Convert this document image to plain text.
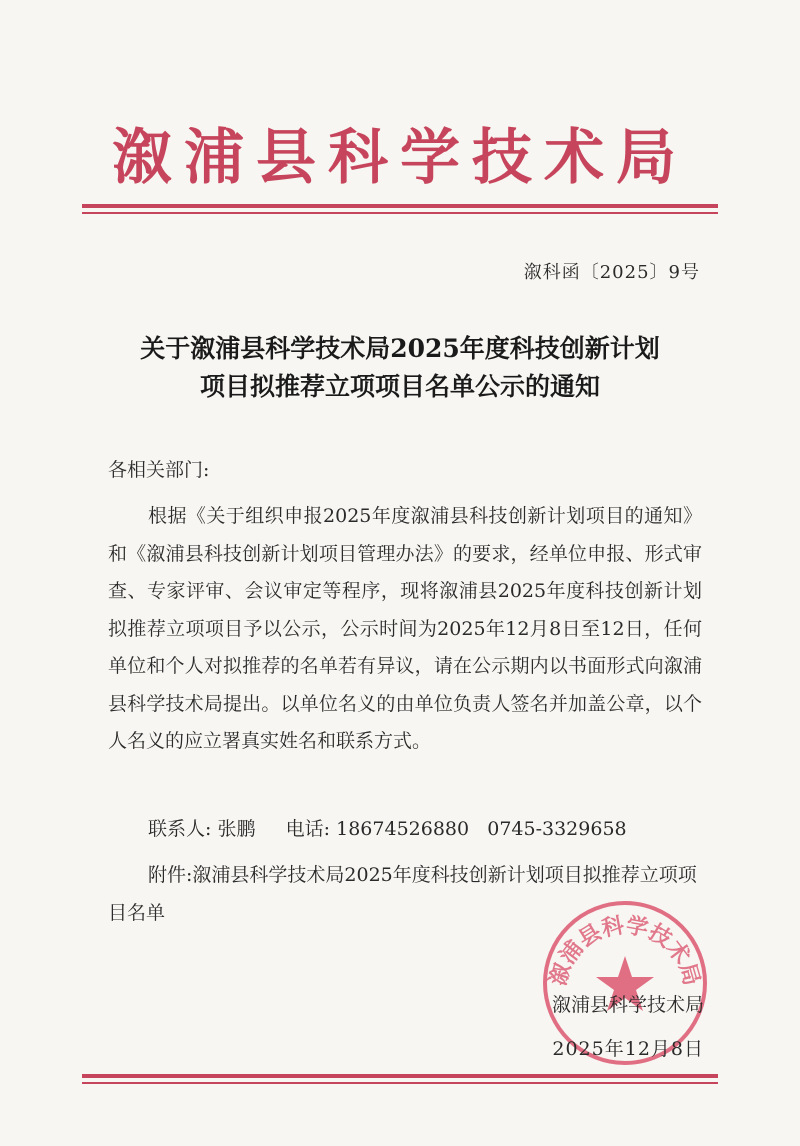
溆浦县科学技术局
溆科函〔2025〕9号
关于溆浦县科学技术局2025年度科技创新计划
项目拟推荐立项项目名单公示的通知
各相关部门:
根据《关于组织申报2025年度溆浦县科技创新计划项目的通知》和《溆浦县科技创新计划项目管理办法》的要求，经单位申报、形式审查、专家评审、会议审定等程序，现将溆浦县2025年度科技创新计划拟推荐立项项目予以公示，公示时间为2025年12月8日至12日，任何单位和个人对拟推荐的名单若有异议，请在公示期内以书面形式向溆浦县科学技术局提出。以单位名义的由单位负责人签名并加盖公章，以个人名义的应立署真实姓名和联系方式。
联系人: 张鹏 电话: 18674526880 0745-3329658
附件:溆浦县科学技术局2025年度科技创新计划项目拟推荐立项项目名单
溆浦县科学技术局
溆浦县科学技术局
2025年12月8日
